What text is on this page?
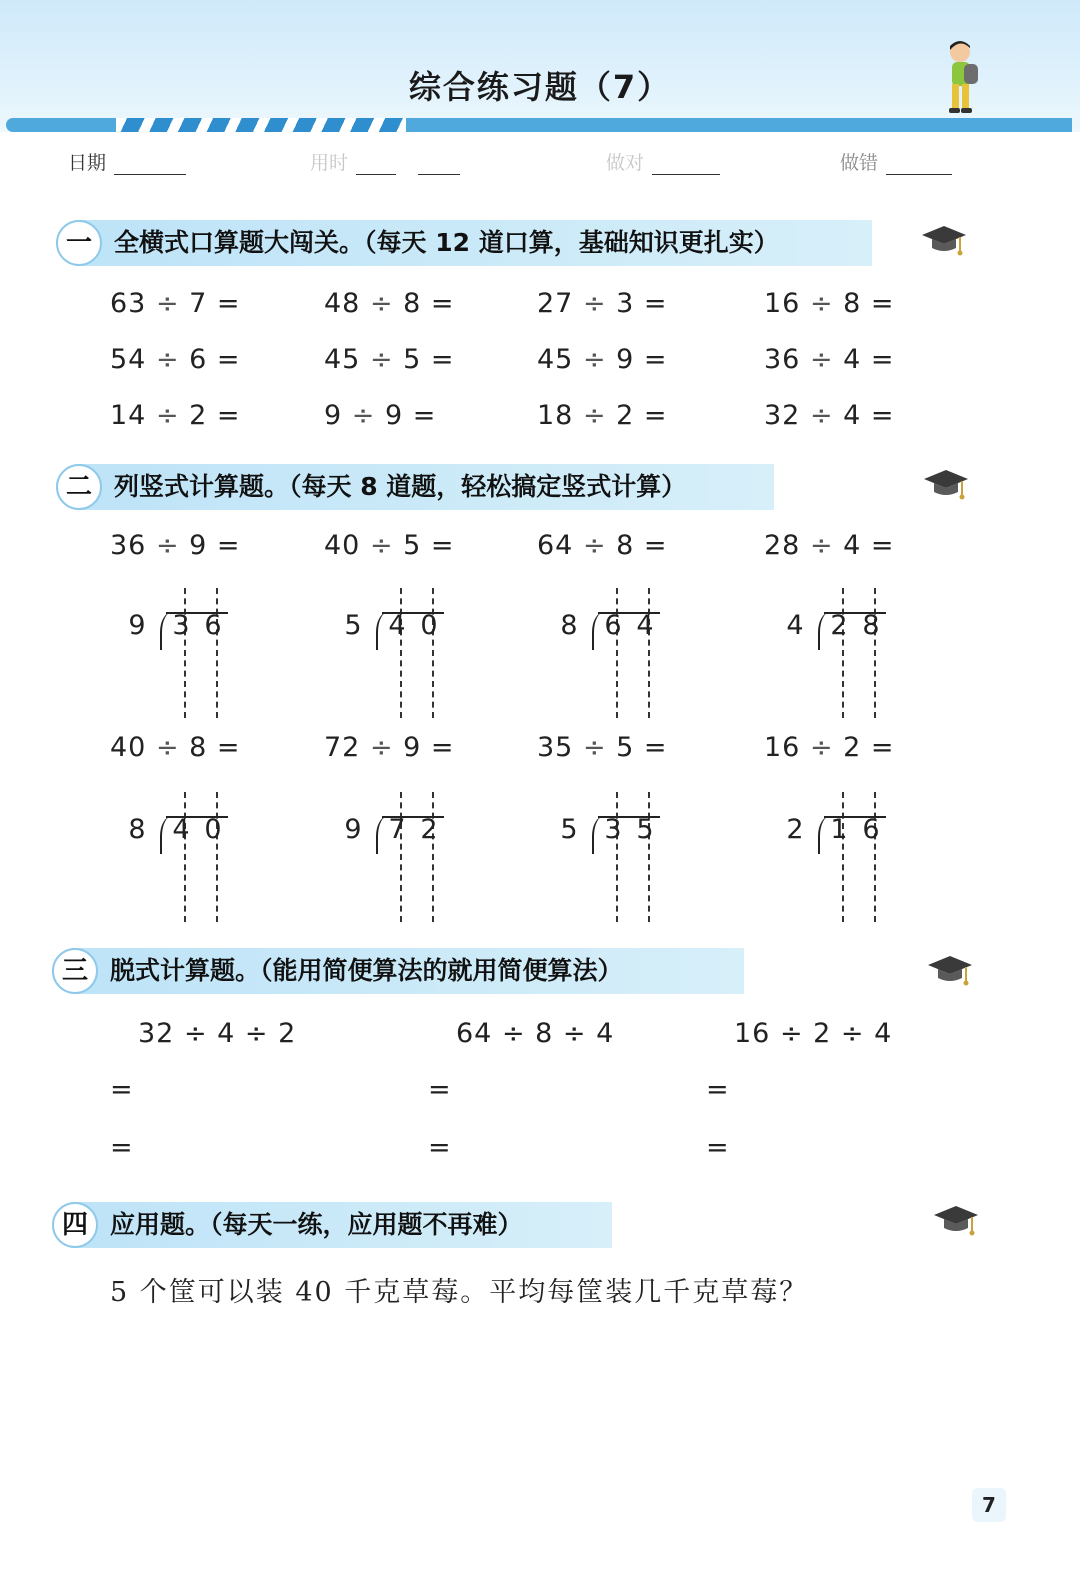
综合练习题（7）
日期	用时	做对	做错
一 全横式口算题大闯关。（每天 12 道口算，基础知识更扎实）
二 列竖式计算题。（每天 8 道题，轻松搞定竖式计算）
三 脱式计算题。（能用简便算法的就用简便算法）
四 应用题。（每天一练，应用题不再难）
63 ÷ 7 =	48 ÷ 8 =	27 ÷ 3 =	16 ÷ 8 =
54 ÷ 6 =	45 ÷ 5 =	45 ÷ 9 =	36 ÷ 4 =
14 ÷ 2 =	9 ÷ 9 =	18 ÷ 2 =	32 ÷ 4 =
36 ÷ 9 =
9 3 6
40 ÷ 5 =
5 4 0
64 ÷ 8 =
8 6 4
28 ÷ 4 =
4 2 8
40 ÷ 8 =
8 4 0
72 ÷ 9 =
9 7 2
35 ÷ 5 =
5 3 5
16 ÷ 2 =
2 1 6
32 ÷ 4 ÷ 2
=
=
64 ÷ 8 ÷ 4
=
=
16 ÷ 2 ÷ 4
=
=
5 个筐可以装 40 千克草莓。平均每筐装几千克草莓？
7
